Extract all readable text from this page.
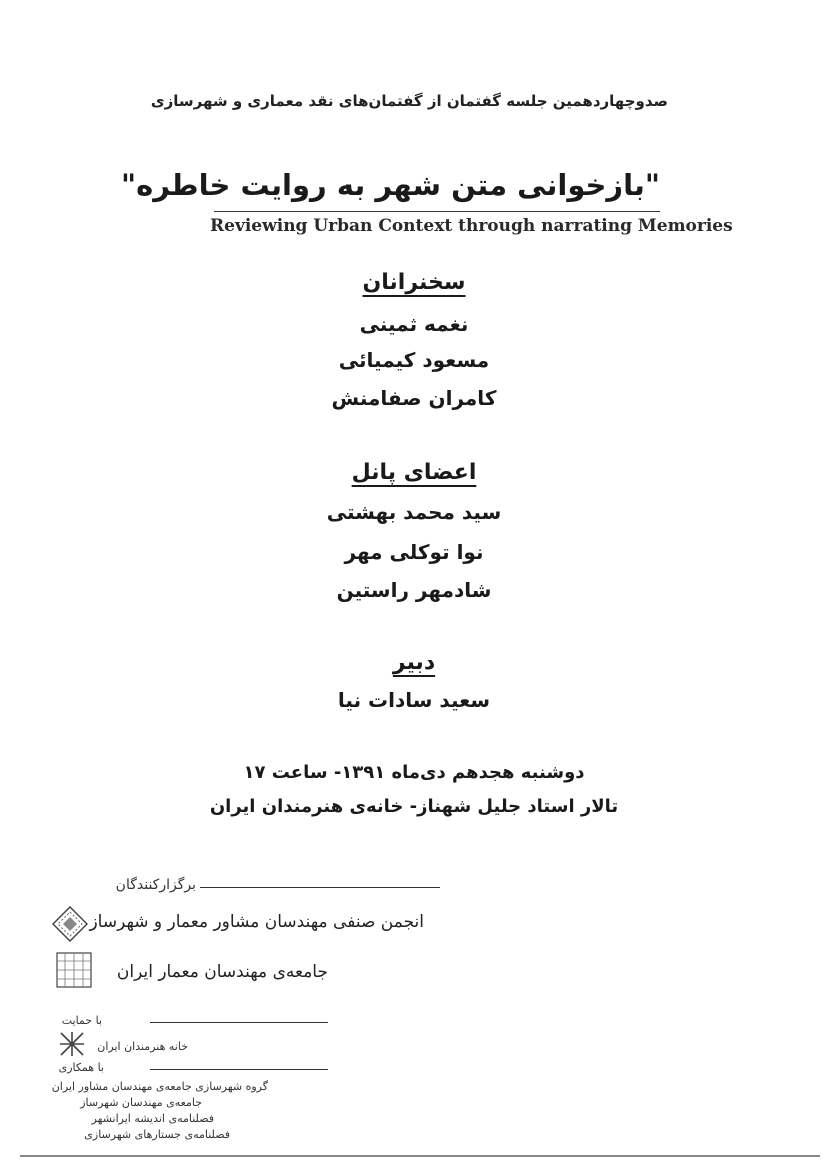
صدوچهاردهمین جلسه گفتمان از گفتمان‌های نقد معماری و شهرسازی
"بازخوانی متن شهر به روایت خاطره"
Reviewing Urban Context through narrating Memories
سخنرانان
نغمه ثمینی
مسعود کیمیائی
کامران صفامنش
اعضای پانل
سید محمد بهشتی
نوا توکلی مهر
شادمهر راستین
دبیر
سعید سادات نیا
دوشنبه هجدهم دی‌ماه ۱۳۹۱- ساعت ۱۷
تالار استاد جلیل شهناز- خانه‌ی هنرمندان ایران
برگزارکنندگان
انجمن صنفی مهندسان مشاور معمار و شهرساز
جامعه‌ی مهندسان معمار ایران
با حمایت
خانه هنرمندان ایران
با همکاری
گروه شهرسازی جامعه‌ی مهندسان مشاور ایران
جامعه‌ی مهندسان شهرساز
فصلنامه‌ی اندیشه ایرانشهر
فصلنامه‌ی جستارهای شهرسازی
